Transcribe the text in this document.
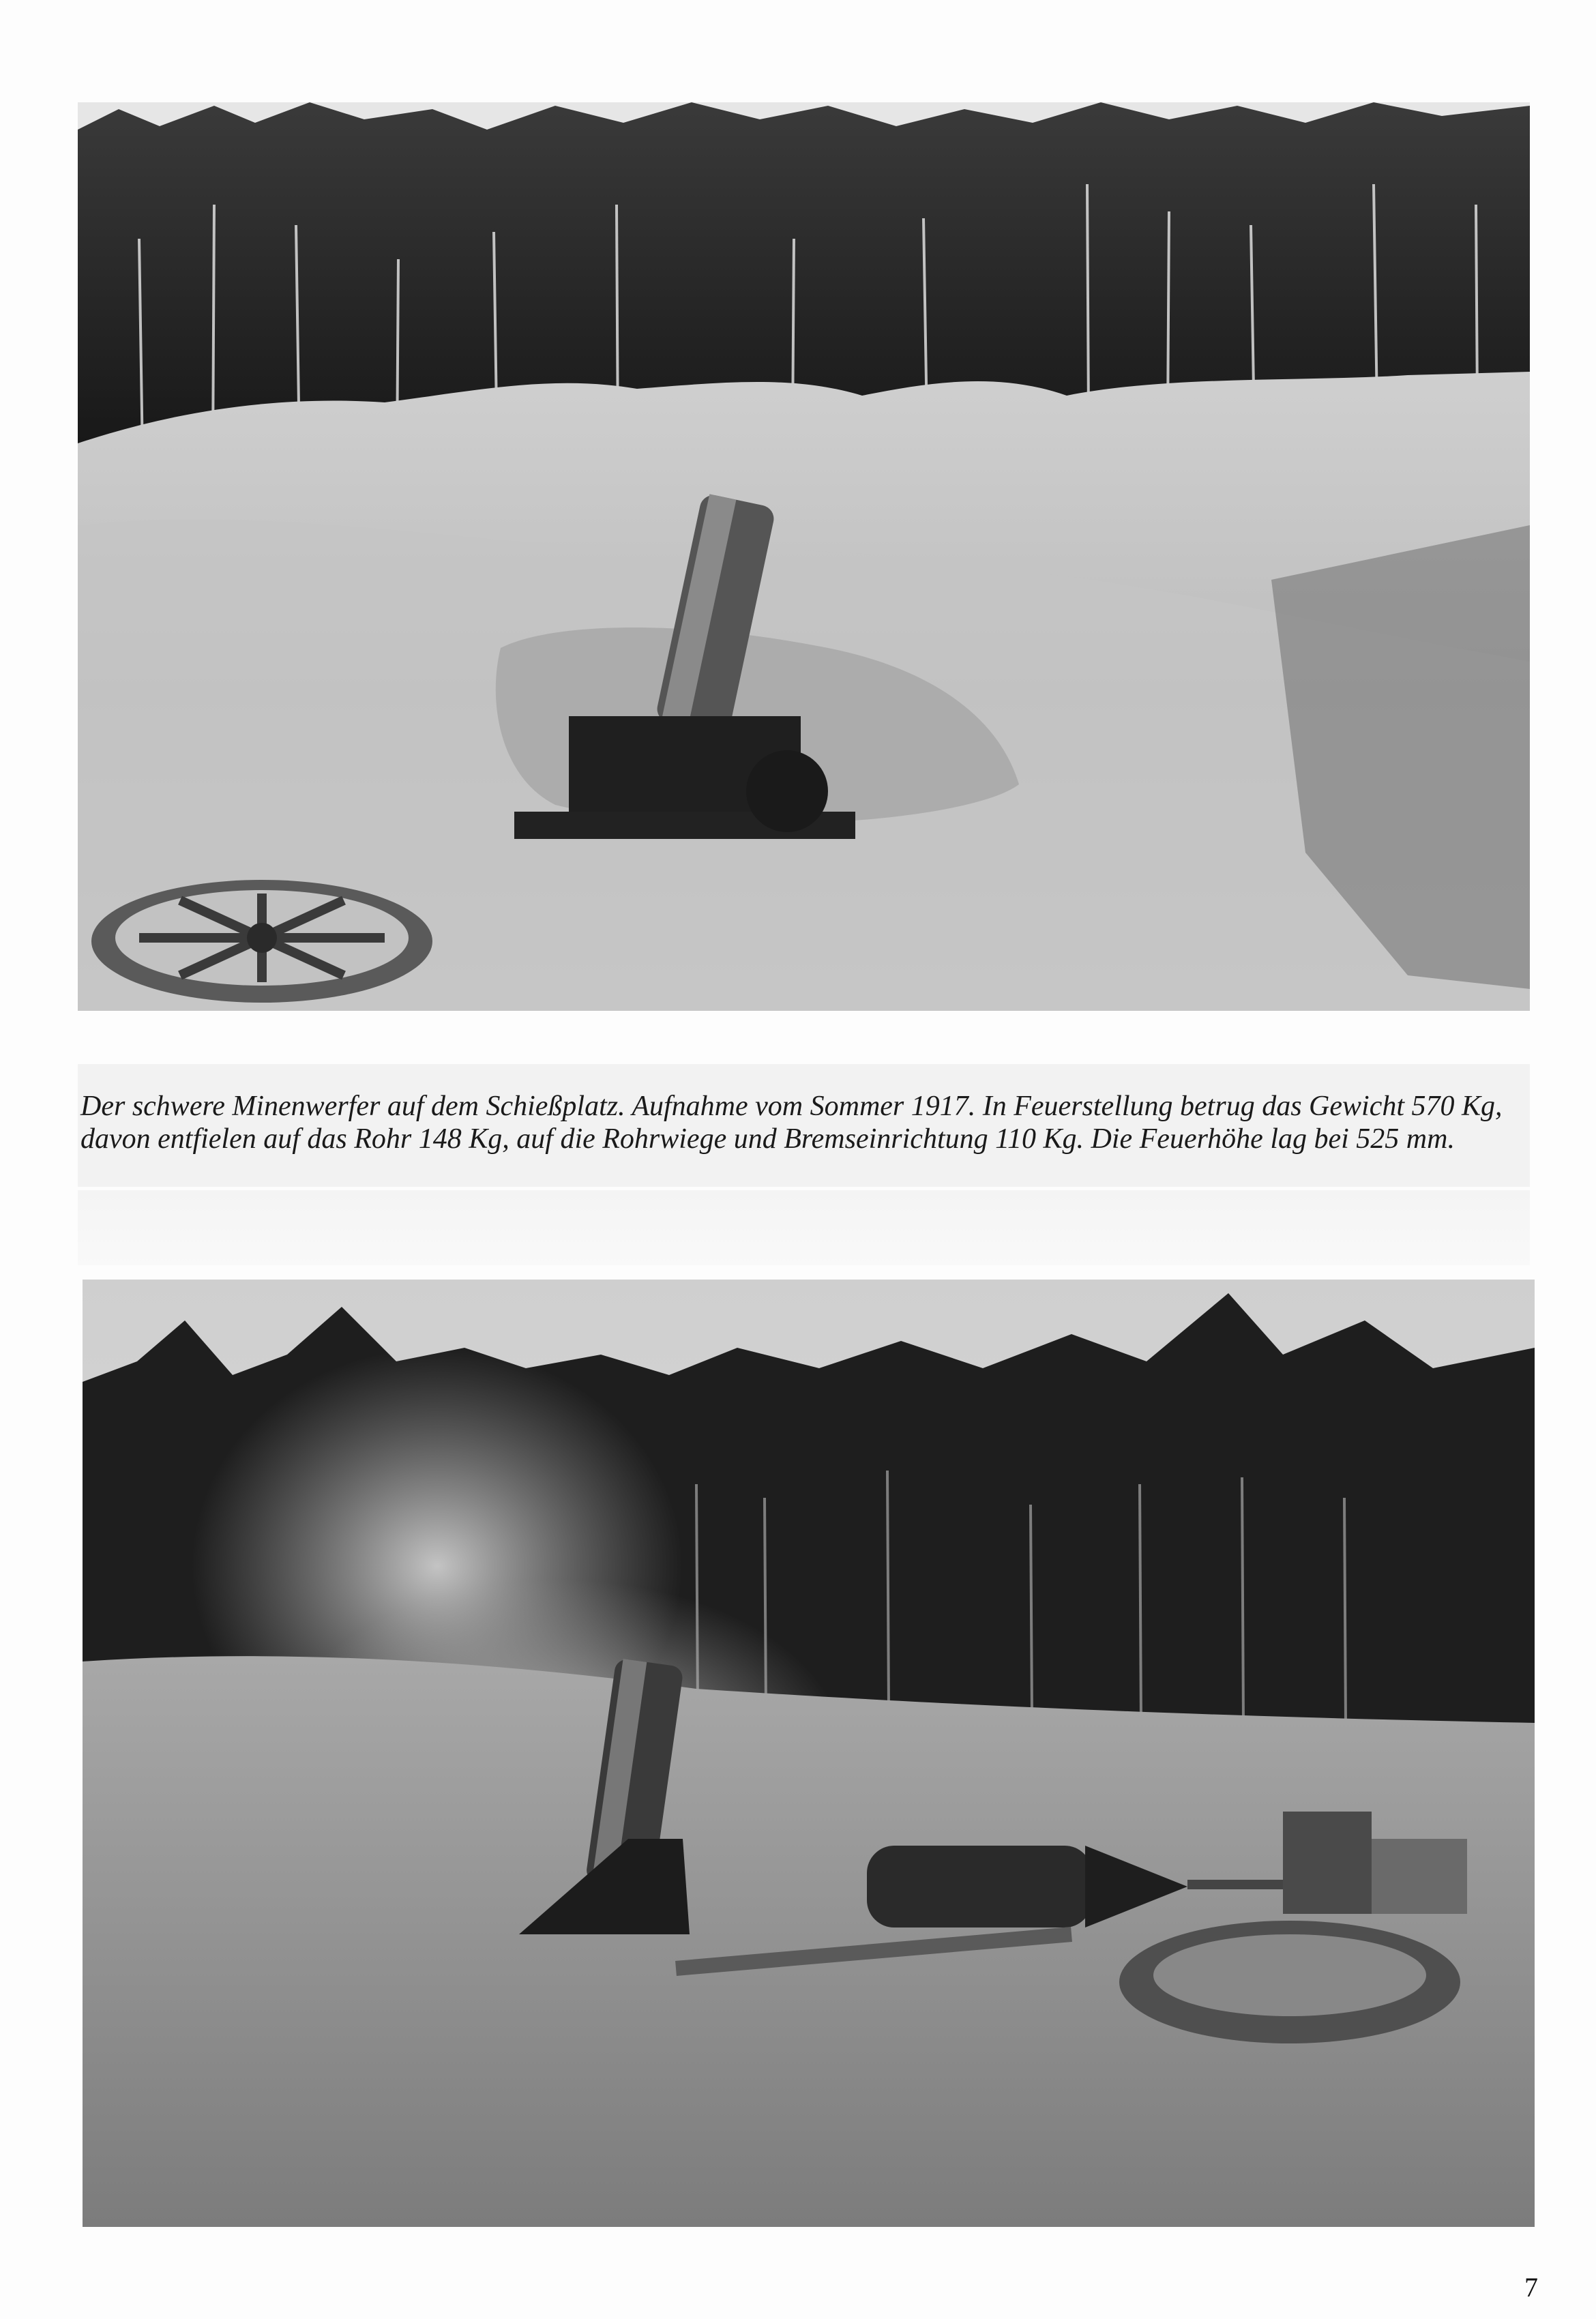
Der schwere Minenwerfer auf dem Schießplatz. Aufnahme vom Sommer 1917. In Feuerstellung betrug das Gewicht 570 Kg, davon entfielen auf das Rohr 148 Kg, auf die Rohrwiege und Bremseinrichtung 110 Kg. Die Feuerhöhe lag bei 525 mm.

7
